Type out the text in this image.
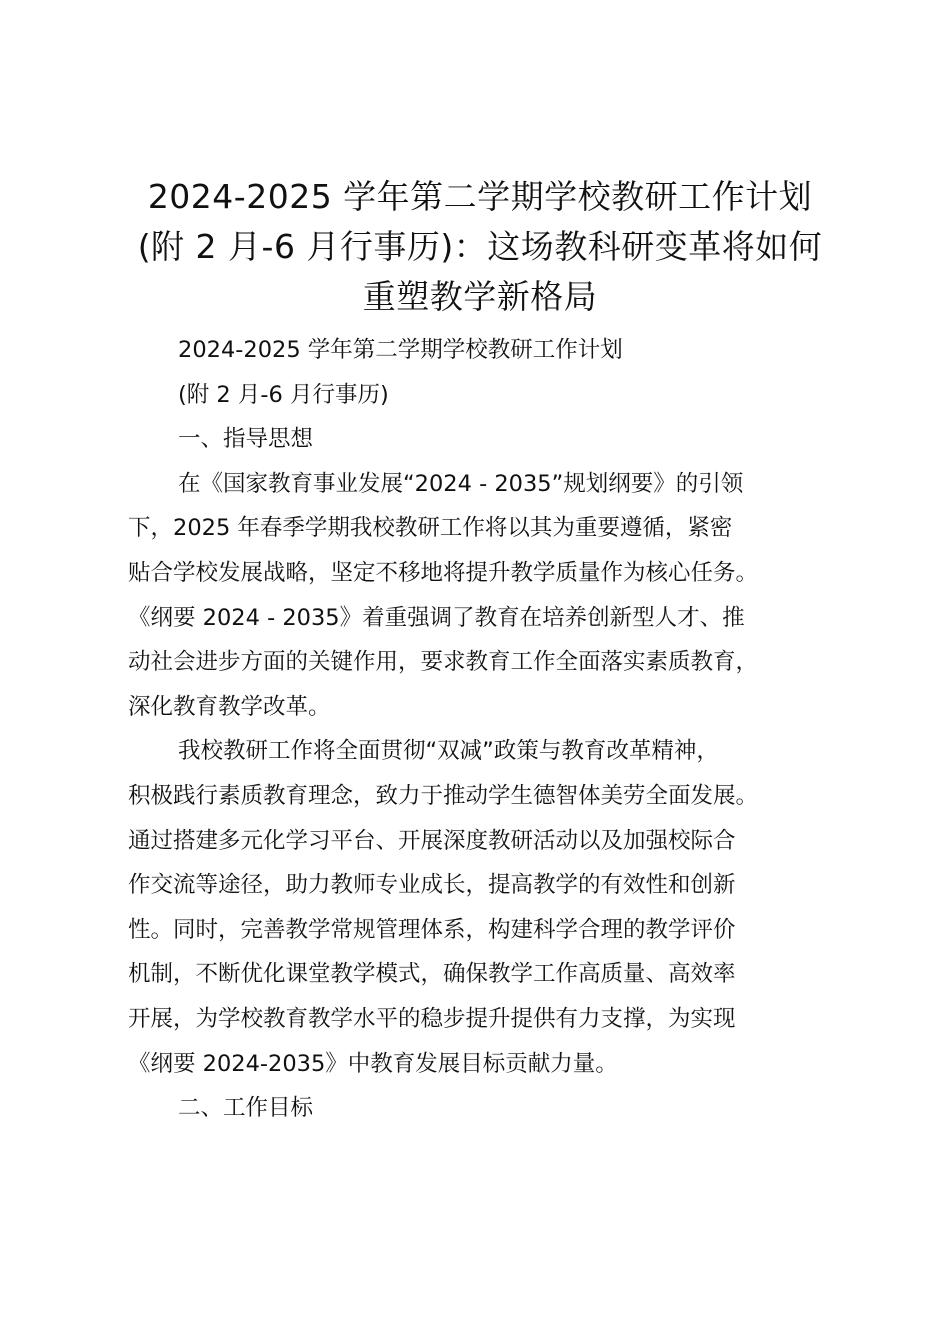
2024-2025 学年第二学期学校教研工作计划
(附 2 月-6 月行事历)：这场教科研变革将如何
重塑教学新格局

2024-2025 学年第二学期学校教研工作计划

(附 2 月-6 月行事历)

一、指导思想

在《国家教育事业发展“2024 - 2035”规划纲要》的引领
下，2025 年春季学期我校教研工作将以其为重要遵循，紧密
贴合学校发展战略，坚定不移地将提升教学质量作为核心任务。
《纲要 2024 - 2035》着重强调了教育在培养创新型人才、推
动社会进步方面的关键作用，要求教育工作全面落实素质教育，
深化教育教学改革。

我校教研工作将全面贯彻“双减”政策与教育改革精神，
积极践行素质教育理念，致力于推动学生德智体美劳全面发展。
通过搭建多元化学习平台、开展深度教研活动以及加强校际合
作交流等途径，助力教师专业成长，提高教学的有效性和创新
性。同时，完善教学常规管理体系，构建科学合理的教学评价
机制，不断优化课堂教学模式，确保教学工作高质量、高效率
开展，为学校教育教学水平的稳步提升提供有力支撑，为实现
《纲要 2024-2035》中教育发展目标贡献力量。

二、工作目标
